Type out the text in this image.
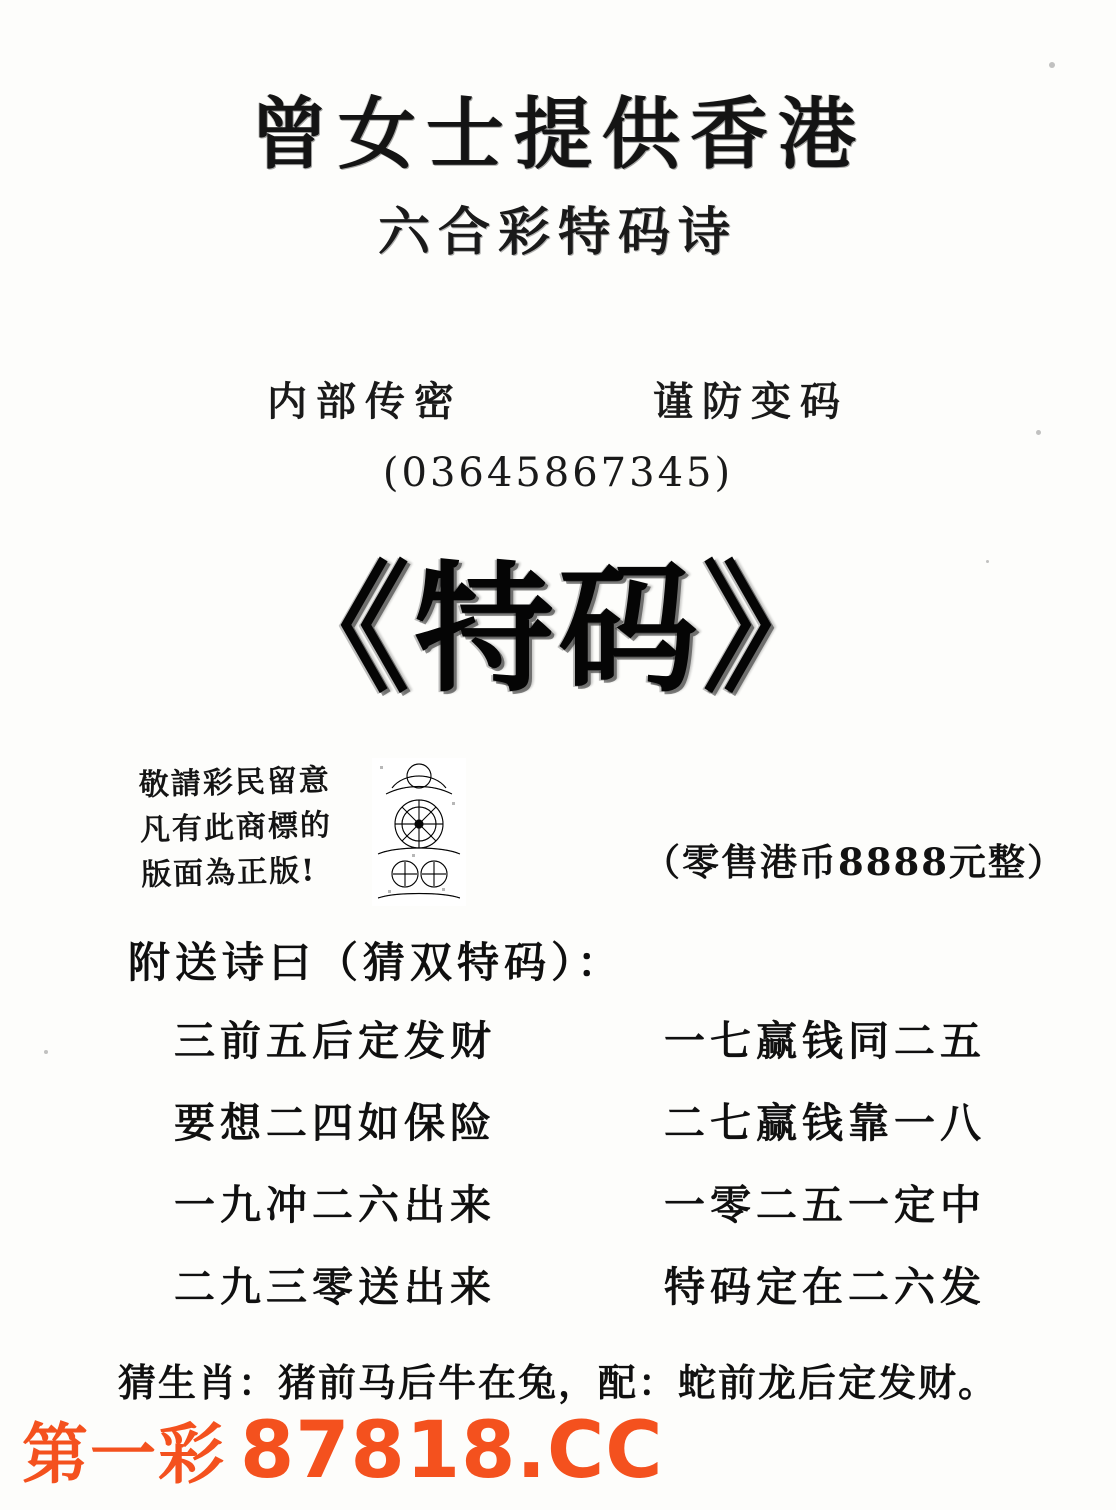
曾女士提供香港
六合彩特码诗
内部传密	谨防变码
(03645867345)
《特码》
敬請彩民留意
凡有此商標的
版面為正版!	（零售港币8888元整）
附送诗曰（猜双特码）：
三前五后定发财	一七赢钱同二五
要想二四如保险	二七赢钱靠一八
一九冲二六出来	一零二五一定中
二九三零送出来	特码定在二六发
猜生肖：猪前马后牛在兔，配：蛇前龙后定发财。
第一彩 87818.CC
